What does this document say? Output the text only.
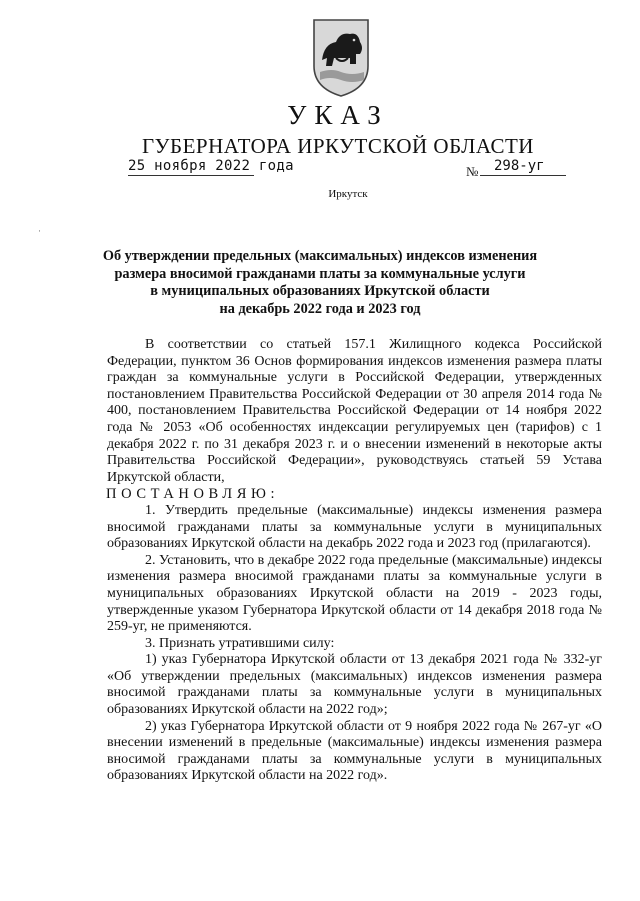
УКАЗ
ГУБЕРНАТОРА ИРКУТСКОЙ ОБЛАСТИ
25 ноября 2022 года	№	298-уг
Иркутск
·
Об утверждении предельных (максимальных) индексов изменения
размера вносимой гражданами платы за коммунальные услуги
в муниципальных образованиях Иркутской области
на декабрь 2022 года и 2023 год

В соответствии со статьей 157.1 Жилищного кодекса Российской Федерации, пунктом 36 Основ формирования индексов изменения размера платы граждан за коммунальные услуги в Российской Федерации, утвержденных постановлением Правительства Российской Федерации от 30 апреля 2014 года № 400, постановлением Правительства Российской Федерации от 14 ноября 2022 года № 2053 «Об особенностях индексации регулируемых цен (тарифов) с 1 декабря 2022 г. по 31 декабря 2023 г. и о внесении изменений в некоторые акты Правительства Российской Федерации», руководствуясь статьей 59 Устава Иркутской области,

ПОСТАНОВЛЯЮ:

1. Утвердить предельные (максимальные) индексы изменения размера вносимой гражданами платы за коммунальные услуги в муниципальных образованиях Иркутской области на декабрь 2022 года и 2023 год (прилагаются).

2. Установить, что в декабре 2022 года предельные (максимальные) индексы изменения размера вносимой гражданами платы за коммунальные услуги в муниципальных образованиях Иркутской области на 2019 - 2023 годы, утвержденные указом Губернатора Иркутской области от 14 декабря 2018 года № 259-уг, не применяются.

3. Признать утратившими силу:

1) указ Губернатора Иркутской области от 13 декабря 2021 года № 332-уг «Об утверждении предельных (максимальных) индексов изменения размера вносимой гражданами платы за коммунальные услуги в муниципальных образованиях Иркутской области на 2022 год»;

2) указ Губернатора Иркутской области от 9 ноября 2022 года № 267-уг «О внесении изменений в предельные (максимальные) индексы изменения размера вносимой гражданами платы за коммунальные услуги в муниципальных образованиях Иркутской области на 2022 год».
